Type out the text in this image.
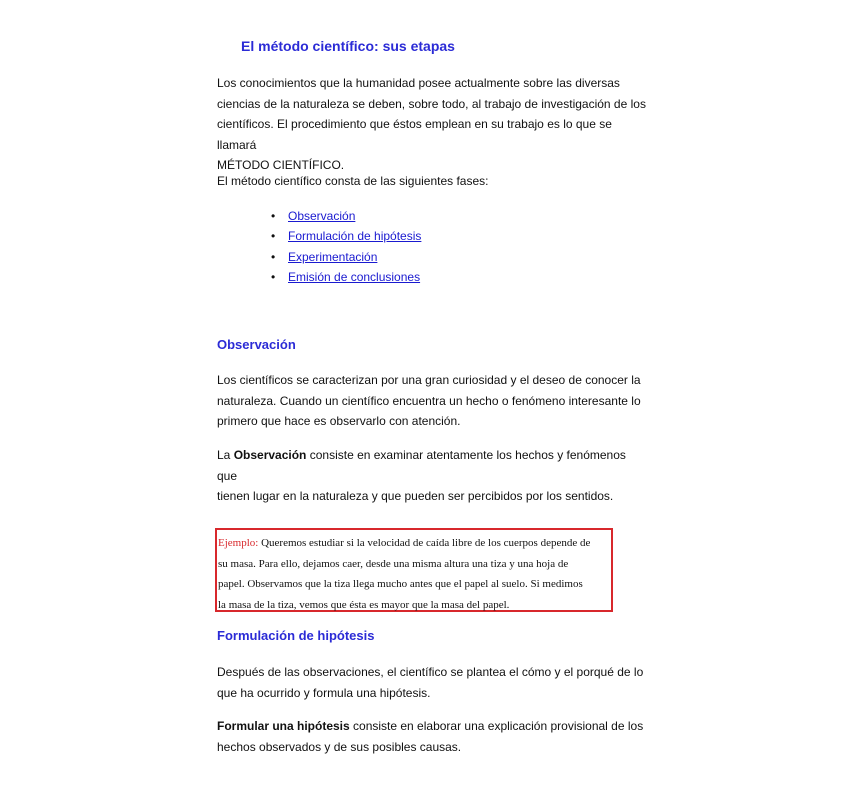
El método científico: sus etapas
Los conocimientos que la humanidad posee actualmente sobre las diversas
ciencias de la naturaleza se deben, sobre todo, al trabajo de investigación de los
científicos. El procedimiento que éstos emplean en su trabajo es lo que se llamará
MÉTODO CIENTÍFICO.
El método científico consta de las siguientes fases:
• Observación
• Formulación de hipótesis
• Experimentación
• Emisión de conclusiones
Observación
Los científicos se caracterizan por una gran curiosidad y el deseo de conocer la
naturaleza. Cuando un científico encuentra un hecho o fenómeno interesante lo
primero que hace es observarlo con atención.
La Observación consiste en examinar atentamente los hechos y fenómenos que
tienen lugar en la naturaleza y que pueden ser percibidos por los sentidos.
Ejemplo: Queremos estudiar si la velocidad de caída libre de los cuerpos depende de
su masa. Para ello, dejamos caer, desde una misma altura una tiza y una hoja de
papel. Observamos que la tiza llega mucho antes que el papel al suelo. Si medimos
la masa de la tiza, vemos que ésta es mayor que la masa del papel.
Formulación de hipótesis
Después de las observaciones, el científico se plantea el cómo y el porqué de lo
que ha ocurrido y formula una hipótesis.
Formular una hipótesis consiste en elaborar una explicación provisional de los
hechos observados y de sus posibles causas.
